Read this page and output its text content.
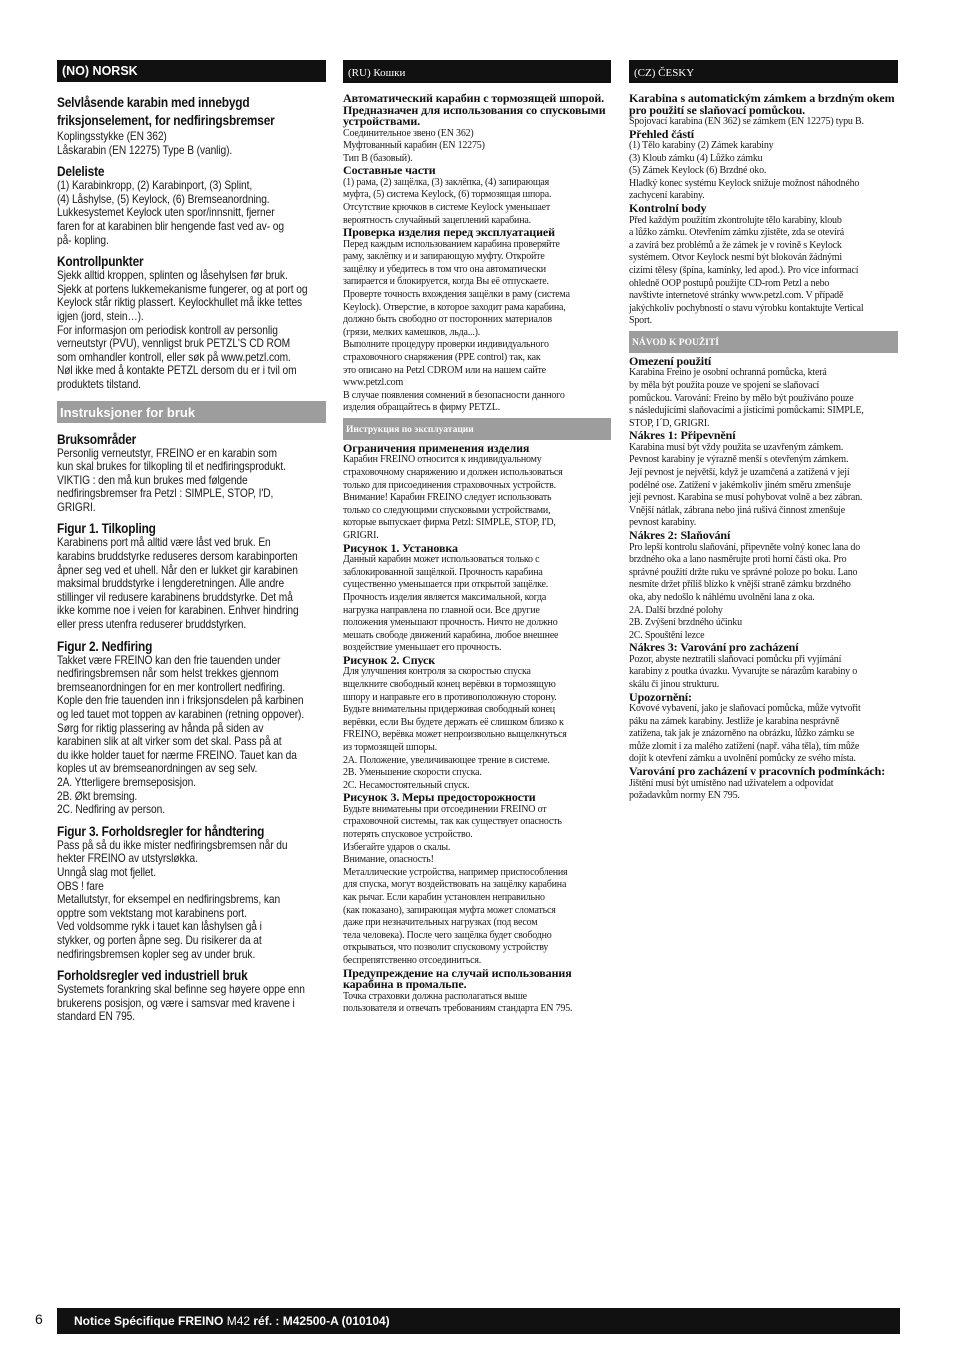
(NO) NORSK
Selvlåsende karabin med innebygd friksjonselement, for nedfiringsbremser

Koplingsstykke (EN 362)
Låskarabin (EN 12275) Type B (vanlig).

Deleliste

(1) Karabinkropp, (2) Karabinport, (3) Splint,
(4) Låshylse, (5) Keylock, (6) Bremseanordning.
Lukkesystemet Keylock uten spor/innsnitt, fjerner
faren for at karabinen blir hengende fast ved av- og
på- kopling.

Kontrollpunkter

Sjekk alltid kroppen, splinten og låsehylsen før bruk.
Sjekk at portens lukkemekanisme fungerer, og at port og
Keylock står riktig plassert. Keylockhullet må ikke tettes
igjen (jord, stein…).
For informasjon om periodisk kontroll av personlig
verneutstyr (PVU), vennligst bruk PETZL'S CD ROM
som omhandler kontroll, eller søk på www.petzl.com.
Nøl ikke med å kontakte PETZL dersom du er i tvil om
produktets tilstand.

Instruksjoner for bruk
Bruksområder

Personlig verneutstyr, FREINO er en karabin som
kun skal brukes for tilkopling til et nedfiringsprodukt.
VIKTIG : den må kun brukes med følgende
nedfiringsbremser fra Petzl : SIMPLE, STOP, I'D,
GRIGRI.

Figur 1. Tilkopling

Karabinens port må alltid være låst ved bruk. En
karabins bruddstyrke reduseres dersom karabinporten
åpner seg ved et uhell. Når den er lukket gir karabinen
maksimal bruddstyrke i lengderetningen. Alle andre
stillinger vil redusere karabinens bruddstyrke. Det må
ikke komme noe i veien for karabinen. Enhver hindring
eller press utenfra reduserer bruddstyrken.

Figur 2. Nedfiring

Takket være FREINO kan den frie tauenden under
nedfiringsbremsen når som helst trekkes gjennom
bremseanordningen for en mer kontrollert nedfiring.
Kople den frie tauenden inn i friksjonsdelen på karbinen
og led tauet mot toppen av karabinen (retning oppover).
Sørg for riktig plassering av hånda på siden av
karabinen slik at alt virker som det skal. Pass på at
du ikke holder tauet for nærme FREINO. Tauet kan da
koples ut av bremseanordningen av seg selv.
2A. Ytterligere bremseposisjon.
2B. Økt bremsing.
2C. Nedfiring av person.

Figur 3. Forholdsregler for håndtering

Pass på så du ikke mister nedfiringsbremsen når du
hekter FREINO av utstyrsløkka.
Unngå slag mot fjellet.
OBS ! fare
Metallutstyr, for eksempel en nedfiringsbrems, kan
opptre som vektstang mot karabinens port.
Ved voldsomme rykk i tauet kan låshylsen gå i
stykker, og porten åpne seg. Du risikerer da at
nedfiringsbremsen kopler seg av under bruk.

Forholdsregler ved industriell bruk

Systemets forankring skal befinne seg høyere oppe enn
brukerens posisjon, og være i samsvar med kravene i
standard EN 795.

(RU) Кошки
Автоматический карабин с тормозящей шпорой. Предназначен для использования со спусковыми устройствами.

Соединительное звено (EN 362)
Муфтованный карабин (EN 12275)
Тип B (базовый).

Составные части

(1) рама, (2) защёлка, (3) заклёпка, (4) запирающая
муфта, (5) система Keylock, (6) тормозящая шпора.
Отсутствие крючков в системе Keylock уменьшает
вероятность случайный зацеплений карабина.

Проверка изделия перед эксплуатацией

Перед каждым использованием карабина проверяйте
раму, заклёпку и и запирающую муфту. Откройте
защёлку и убедитесь в том что она автоматически
запирается и блокируется, когда Вы её отпускаете.
Проверте точность вхождения защёлки в раму (система
Keylock). Отверстие, в которое заходит рама карабина,
должно быть свободно от посторонних материалов
(грязи, мелких камешков, льда...).
Выполните процедуру проверки индивидуального
страховочного снаряжения (PPE control) так, как
это описано на Petzl CDROM или на нашем сайте
www.petzl.com
В случае появления сомнений в безопасности данного
изделия обращайтесь в фирму PETZL.

Инструкция по эксплуатации
Ограничения применения изделия

Карабин FREINO относится к индивидуальному
страховочному снаряжению и должен использоваться
только для присоединения страховочных устройств.
Внимание! Карабин FREINO следует использовать
только со следующими спусковыми устройствами,
которые выпускает фирма Petzl: SIMPLE, STOP, I'D,
GRIGRI.

Рисунок 1. Установка

Данный карабин может использоваться только с
заблокированной защёлкой. Прочность карабина
существенно уменьшается при открытой защёлке.
Прочность изделия является максимальной, когда
нагрузка направлена по главной оси. Все другие
положения уменьшают прочность. Ничто не должно
мешать свободе движений карабина, любое внешнее
воздействие уменьшает его прочность.

Рисунок 2. Спуск

Для улучшения контроля за скоростью спуска
вщелкните свободный конец верёвки в тормозящую
шпору и направьте его в противоположную сторону.
Будьте внимательны придерживая свободный конец
верёвки, если Вы будете держать её слишком близко к
FREINO, верёвка может непроизвольно выщелкнуться
из тормозящей шпоры.
2A. Положение, увеличивающее трение в системе.
2B. Уменьшение скорости спуска.
2C. Несамостоятельный спуск.

Рисунок 3. Меры предосторожности

Будьте вниматеьны при отсоединении FREINO от
страховочной системы, так как существует опасность
потерять спусковое устройство.
Избегайте ударов о скалы.
Внимание, опасность!
Металлические устройства, например приспособления
для спуска, могут воздействовать на защёлку карабина
как рычаг. Если карабин установлен неправильно
(как показано), запирающая муфта может сломаться
даже при незначительных нагрузках (под весом
тела человека). После чего защёлка будет свободно
открываться, что позволит спусковому устройству
беспрепятственно отсоединиться.

Предупреждение на случай использования карабина в промальпе.

Точка страховки должна располагаться выше
пользователя и отвечать требованиям стандарта EN 795.

(CZ) ČESKY
Karabina s automatickým zámkem a brzdným okem pro použití se slaňovací pomůckou.

Spojovací karabina (EN 362) se zámkem (EN 12275) typu B.

Přehled částí

(1) Tělo karabiny (2) Zámek karabiny
(3) Kloub zámku (4) Lůžko zámku
(5) Zámek Keylock (6) Brzdné oko.
Hladký konec systému Keylock snižuje možnost náhodného
zachycení karabiny.

Kontrolní body

Před každým použitím zkontrolujte tělo karabiny, kloub
a lůžko zámku. Otevřením zámku zjistěte, zda se otevírá
a zavírá bez problémů a že zámek je v rovině s Keylock
systémem. Otvor Keylock nesmí být blokován žádnými
cizími tělesy (špína, kamínky, led apod.). Pro více informací
ohledně OOP postupů použijte CD-rom Petzl a nebo
navštivte internetové stránky www.petzl.com. V případě
jakýchkoliv pochybností o stavu výrobku kontaktujte Vertical
Sport.

NÁVOD K POUŽITÍ
Omezení použití

Karabina Freino je osobní ochranná pomůcka, která
by měla být použita pouze ve spojení se slaňovací
pomůckou. Varování: Freino by mělo být používáno pouze
s následujícími slaňovacími a jisticími pomůckami: SIMPLE,
STOP, I´D, GRIGRI.

Nákres 1: Připevnění

Karabina musí být vždy použita se uzavřeným zámkem.
Pevnost karabiny je výrazně menší s otevřeným zámkem.
Její pevnost je největší, když je uzamčená a zatížená v její
podélné ose. Zatížení v jakémkoliv jiném směru zmenšuje
její pevnost. Karabina se musí pohybovat volně a bez zábran.
Vnější nátlak, zábrana nebo jiná rušivá činnost zmenšuje
pevnost karabiny.

Nákres 2: Slaňování

Pro lepší kontrolu slaňování, připevněte volný konec lana do
brzdného oka a lano nasměrujte proti horní části oka. Pro
správné použití držte ruku ve správné poloze po boku. Lano
nesmíte držet příliš blízko k vnější straně zámku brzdného
oka, aby nedošlo k náhlému uvolnění lana z oka.
2A. Další brzdné polohy
2B. Zvýšení brzdného účinku
2C. Spouštění lezce

Nákres 3: Varování pro zacházení

Pozor, abyste neztratili slaňovací pomůcku při vyjímání
karabiny z poutka úvazku. Vyvarujte se nárazům karabiny o
skálu či jinou strukturu.

Upozornění:

Kovové vybavení, jako je slaňovací pomůcka, může vytvořit
páku na zámek karabiny. Jestliže je karabina nesprávně
zatížena, tak jak je znázorněno na obrázku, lůžko zámku se
může zlomit i za malého zatížení (např. váha těla), tím může
dojít k otevření zámku a uvolnění pomůcky ze svého místa.

Varování pro zacházení v pracovních podmínkách:

Jištění musí být umístěno nad uživatelem a odpovídat
požadavkům normy EN 795.

6	Notice Spécifique FREINO M42 réf. : M42500-A (010104)
